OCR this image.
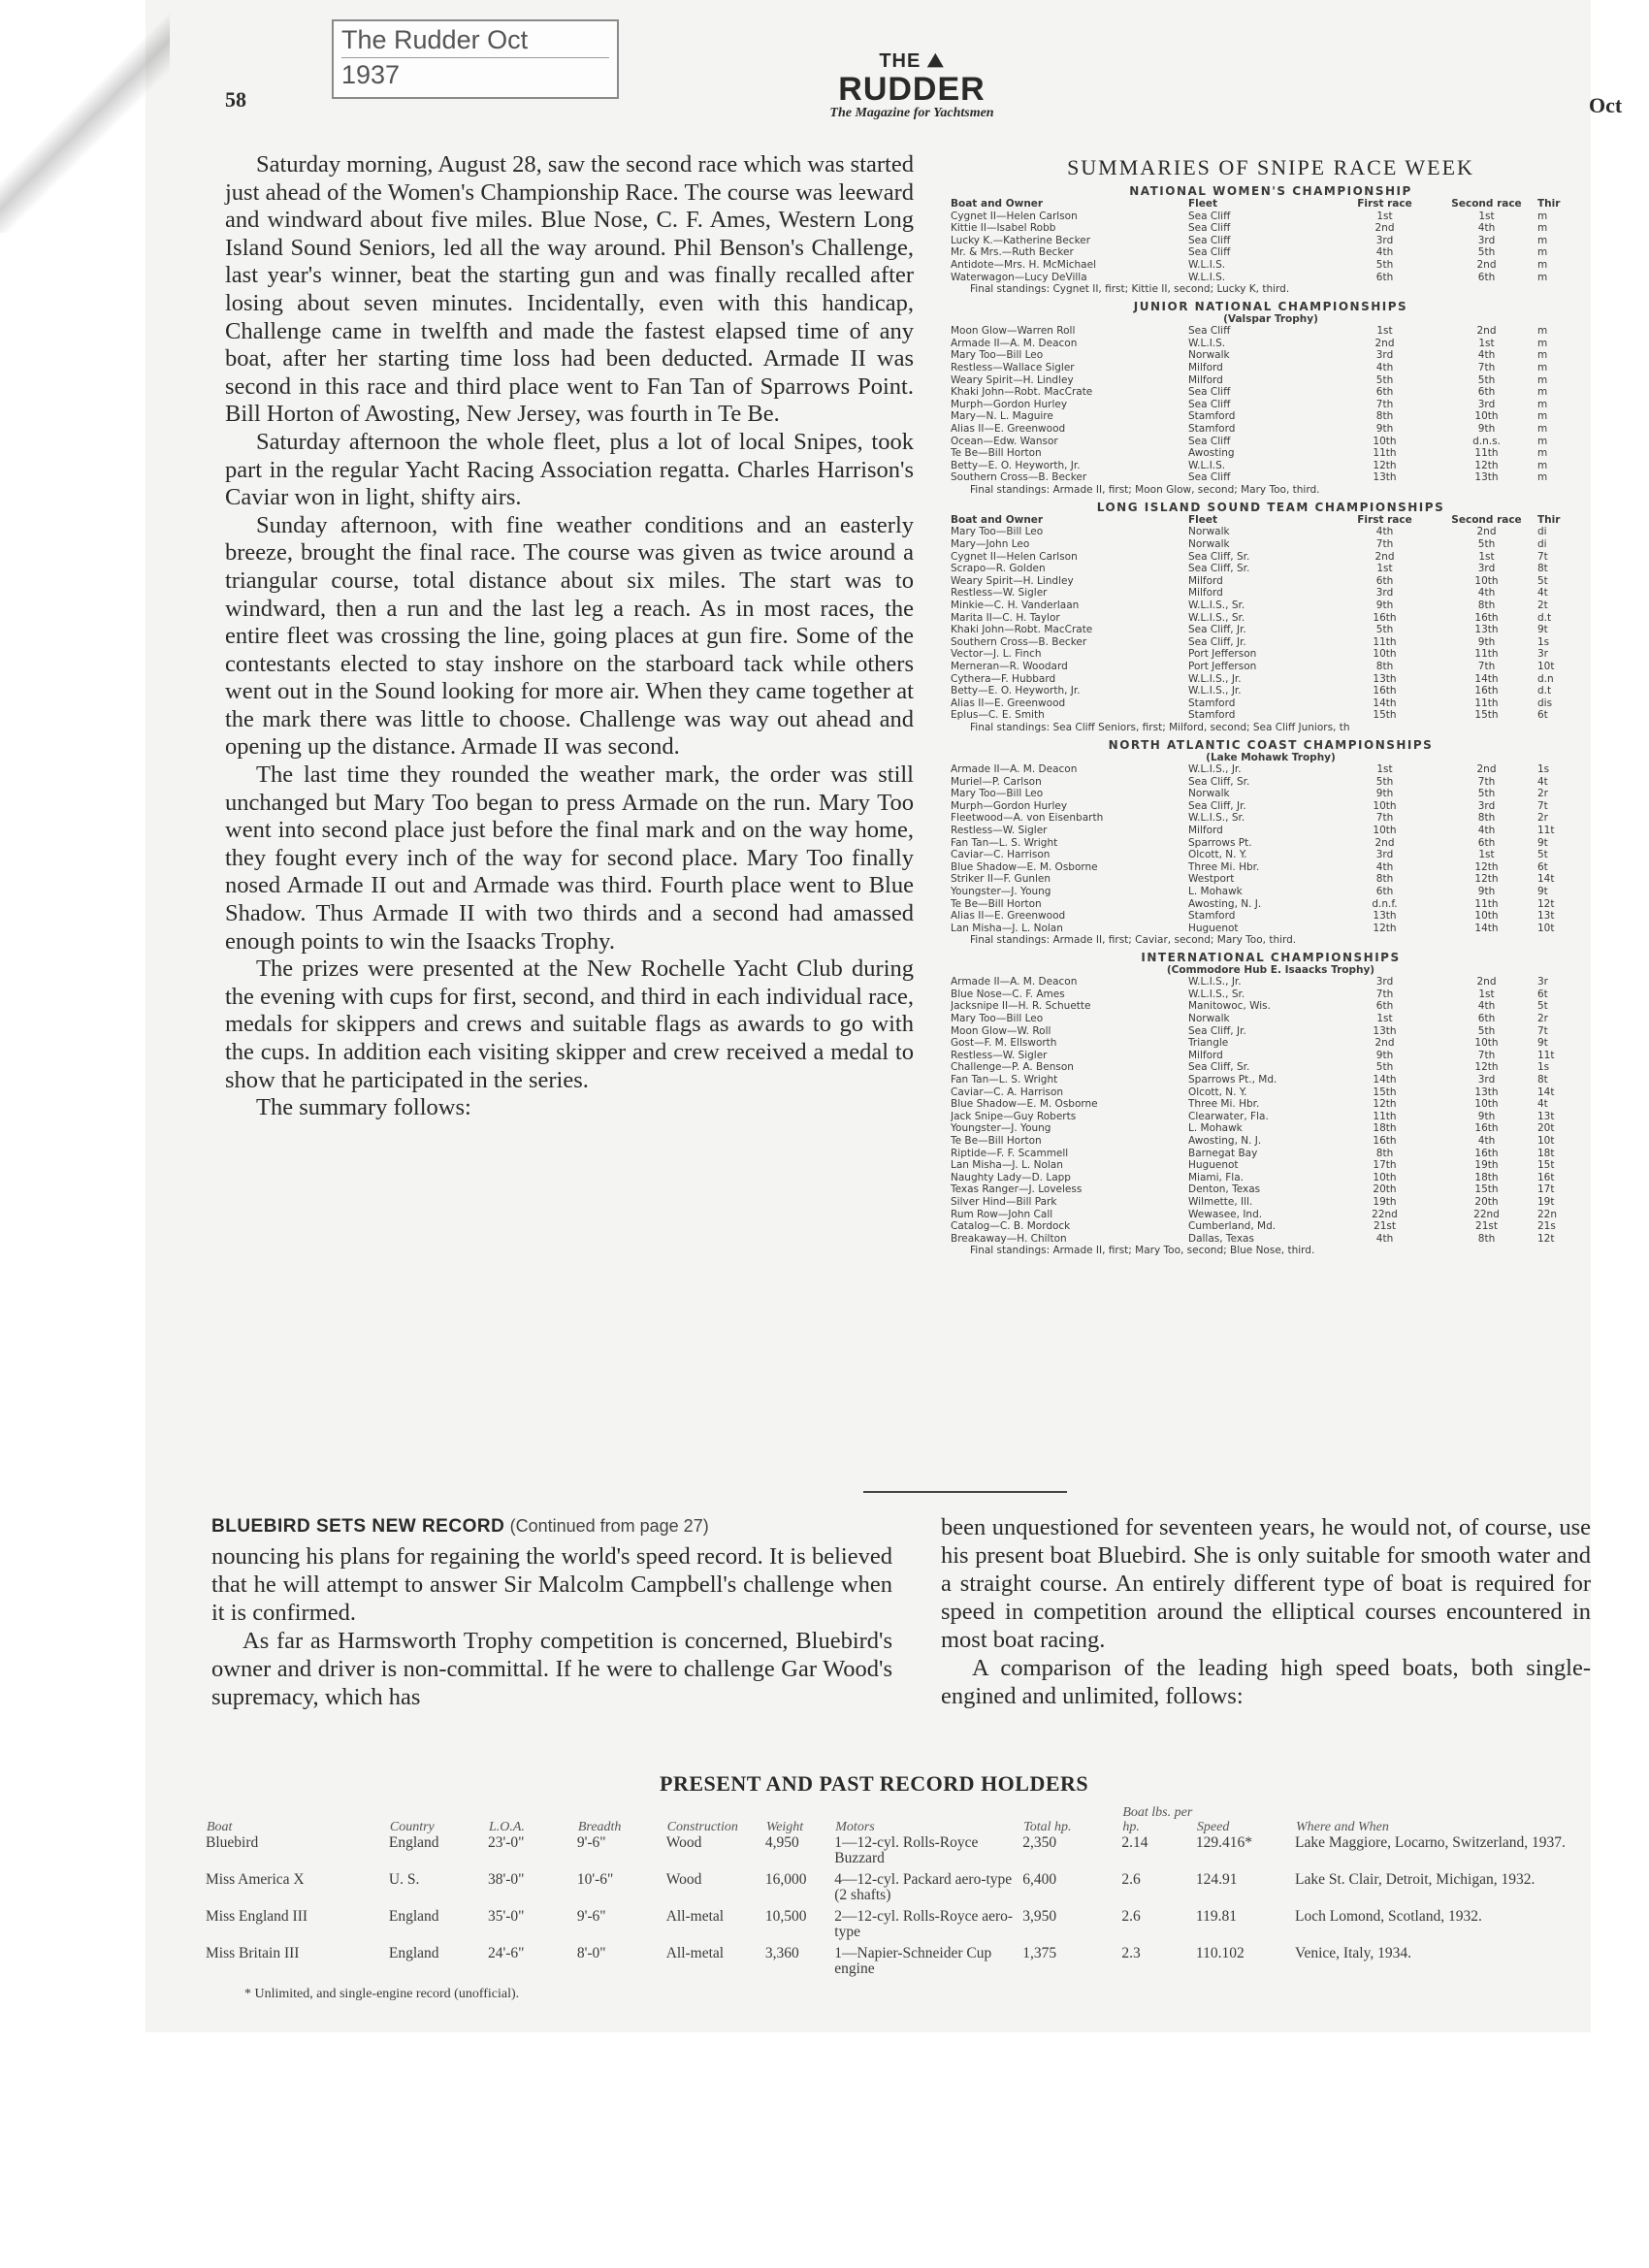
The Rudder Oct
1937
58	Oct
THE ⛰
RUDDER
The Magazine for Yachtsmen

Saturday morning, August 28, saw the second race which was started just ahead of the Women's Championship Race. The course was leeward and windward about five miles. Blue Nose, C. F. Ames, Western Long Island Sound Seniors, led all the way around. Phil Benson's Challenge, last year's winner, beat the starting gun and was finally recalled after losing about seven minutes. Incidentally, even with this handicap, Challenge came in twelfth and made the fastest elapsed time of any boat, after her starting time loss had been deducted. Armade II was second in this race and third place went to Fan Tan of Sparrows Point. Bill Horton of Awosting, New Jersey, was fourth in Te Be.

Saturday afternoon the whole fleet, plus a lot of local Snipes, took part in the regular Yacht Racing Association regatta. Charles Harrison's Caviar won in light, shifty airs.

Sunday afternoon, with fine weather conditions and an easterly breeze, brought the final race. The course was given as twice around a triangular course, total distance about six miles. The start was to windward, then a run and the last leg a reach. As in most races, the entire fleet was crossing the line, going places at gun fire. Some of the contestants elected to stay inshore on the starboard tack while others went out in the Sound looking for more air. When they came together at the mark there was little to choose. Challenge was way out ahead and opening up the distance. Armade II was second.

The last time they rounded the weather mark, the order was still unchanged but Mary Too began to press Armade on the run. Mary Too went into second place just before the final mark and on the way home, they fought every inch of the way for second place. Mary Too finally nosed Armade II out and Armade was third. Fourth place went to Blue Shadow. Thus Armade II with two thirds and a second had amassed enough points to win the Isaacks Trophy.

The prizes were presented at the New Rochelle Yacht Club during the evening with cups for first, second, and third in each individual race, medals for skippers and crews and suitable flags as awards to go with the cups. In addition each visiting skipper and crew received a medal to show that he participated in the series.

The summary follows:

SUMMARIES OF SNIPE RACE WEEK
NATIONAL WOMEN'S CHAMPIONSHIP
Boat and Owner	Fleet	First race	Second race	Thir
Cygnet II—Helen Carlson	Sea Cliff	1st	1st	m
Kittie II—Isabel Robb	Sea Cliff	2nd	4th	m
Lucky K.—Katherine Becker	Sea Cliff	3rd	3rd	m
Mr. & Mrs.—Ruth Becker	Sea Cliff	4th	5th	m
Antidote—Mrs. H. McMichael	W.L.I.S.	5th	2nd	m
Waterwagon—Lucy DeVilla	W.L.I.S.	6th	6th	m
Final standings: Cygnet II, first; Kittie II, second; Lucky K, third.
JUNIOR NATIONAL CHAMPIONSHIPS
(Valspar Trophy)
Moon Glow—Warren Roll	Sea Cliff	1st	2nd	m
Armade II—A. M. Deacon	W.L.I.S.	2nd	1st	m
Mary Too—Bill Leo	Norwalk	3rd	4th	m
Restless—Wallace Sigler	Milford	4th	7th	m
Weary Spirit—H. Lindley	Milford	5th	5th	m
Khaki John—Robt. MacCrate	Sea Cliff	6th	6th	m
Murph—Gordon Hurley	Sea Cliff	7th	3rd	m
Mary—N. L. Maguire	Stamford	8th	10th	m
Alias II—E. Greenwood	Stamford	9th	9th	m
Ocean—Edw. Wansor	Sea Cliff	10th	d.n.s.	m
Te Be—Bill Horton	Awosting	11th	11th	m
Betty—E. O. Heyworth, Jr.	W.L.I.S.	12th	12th	m
Southern Cross—B. Becker	Sea Cliff	13th	13th	m
Final standings: Armade II, first; Moon Glow, second; Mary Too, third.
LONG ISLAND SOUND TEAM CHAMPIONSHIPS
Boat and Owner	Fleet	First race	Second race	Thir
Mary Too—Bill Leo	Norwalk	4th	2nd	di
Mary—John Leo	Norwalk	7th	5th	di
Cygnet II—Helen Carlson	Sea Cliff, Sr.	2nd	1st	7t
Scrapo—R. Golden	Sea Cliff, Sr.	1st	3rd	8t
Weary Spirit—H. Lindley	Milford	6th	10th	5t
Restless—W. Sigler	Milford	3rd	4th	4t
Minkie—C. H. Vanderlaan	W.L.I.S., Sr.	9th	8th	2t
Marita II—C. H. Taylor	W.L.I.S., Sr.	16th	16th	d.t
Khaki John—Robt. MacCrate	Sea Cliff, Jr.	5th	13th	9t
Southern Cross—B. Becker	Sea Cliff, Jr.	11th	9th	1s
Vector—J. L. Finch	Port Jefferson	10th	11th	3r
Merneran—R. Woodard	Port Jefferson	8th	7th	10t
Cythera—F. Hubbard	W.L.I.S., Jr.	13th	14th	d.n
Betty—E. O. Heyworth, Jr.	W.L.I.S., Jr.	16th	16th	d.t
Alias II—E. Greenwood	Stamford	14th	11th	dis
Eplus—C. E. Smith	Stamford	15th	15th	6t
Final standings: Sea Cliff Seniors, first; Milford, second; Sea Cliff Juniors, th
NORTH ATLANTIC COAST CHAMPIONSHIPS
(Lake Mohawk Trophy)
Armade II—A. M. Deacon	W.L.I.S., Jr.	1st	2nd	1s
Muriel—P. Carlson	Sea Cliff, Sr.	5th	7th	4t
Mary Too—Bill Leo	Norwalk	9th	5th	2r
Murph—Gordon Hurley	Sea Cliff, Jr.	10th	3rd	7t
Fleetwood—A. von Eisenbarth	W.L.I.S., Sr.	7th	8th	2r
Restless—W. Sigler	Milford	10th	4th	11t
Fan Tan—L. S. Wright	Sparrows Pt.	2nd	6th	9t
Caviar—C. Harrison	Olcott, N. Y.	3rd	1st	5t
Blue Shadow—E. M. Osborne	Three Mi. Hbr.	4th	12th	6t
Striker II—F. Gunlen	Westport	8th	12th	14t
Youngster—J. Young	L. Mohawk	6th	9th	9t
Te Be—Bill Horton	Awosting, N. J.	d.n.f.	11th	12t
Alias II—E. Greenwood	Stamford	13th	10th	13t
Lan Misha—J. L. Nolan	Huguenot	12th	14th	10t
Final standings: Armade II, first; Caviar, second; Mary Too, third.
INTERNATIONAL CHAMPIONSHIPS
(Commodore Hub E. Isaacks Trophy)
Armade II—A. M. Deacon	W.L.I.S., Jr.	3rd	2nd	3r
Blue Nose—C. F. Ames	W.L.I.S., Sr.	7th	1st	6t
Jacksnipe II—H. R. Schuette	Manitowoc, Wis.	6th	4th	5t
Mary Too—Bill Leo	Norwalk	1st	6th	2r
Moon Glow—W. Roll	Sea Cliff, Jr.	13th	5th	7t
Gost—F. M. Ellsworth	Triangle	2nd	10th	9t
Restless—W. Sigler	Milford	9th	7th	11t
Challenge—P. A. Benson	Sea Cliff, Sr.	5th	12th	1s
Fan Tan—L. S. Wright	Sparrows Pt., Md.	14th	3rd	8t
Caviar—C. A. Harrison	Olcott, N. Y.	15th	13th	14t
Blue Shadow—E. M. Osborne	Three Mi. Hbr.	12th	10th	4t
Jack Snipe—Guy Roberts	Clearwater, Fla.	11th	9th	13t
Youngster—J. Young	L. Mohawk	18th	16th	20t
Te Be—Bill Horton	Awosting, N. J.	16th	4th	10t
Riptide—F. F. Scammell	Barnegat Bay	8th	16th	18t
Lan Misha—J. L. Nolan	Huguenot	17th	19th	15t
Naughty Lady—D. Lapp	Miami, Fla.	10th	18th	16t
Texas Ranger—J. Loveless	Denton, Texas	20th	15th	17t
Silver Hind—Bill Park	Wilmette, Ill.	19th	20th	19t
Rum Row—John Call	Wewasee, Ind.	22nd	22nd	22n
Catalog—C. B. Mordock	Cumberland, Md.	21st	21st	21s
Breakaway—H. Chilton	Dallas, Texas	4th	8th	12t
Final standings: Armade II, first; Mary Too, second; Blue Nose, third.
BLUEBIRD SETS NEW RECORD (Continued from page 27)

nouncing his plans for regaining the world's speed record. It is believed that he will attempt to answer Sir Malcolm Campbell's challenge when it is confirmed.

As far as Harmsworth Trophy competition is concerned, Bluebird's owner and driver is non-committal. If he were to challenge Gar Wood's supremacy, which has

been unquestioned for seventeen years, he would not, of course, use his present boat Bluebird. She is only suitable for smooth water and a straight course. An entirely different type of boat is required for speed in competition around the elliptical courses encountered in most boat racing.

A comparison of the leading high speed boats, both single-engined and unlimited, follows:

PRESENT AND PAST RECORD HOLDERS
Boat	Country	L.O.A.	Breadth	Construction	Weight	Motors	Total hp.	Boat lbs. per hp.	Speed	Where and When
Bluebird	England	23'-0"	9'-6"	Wood	4,950	1—12-cyl. Rolls-Royce Buzzard	2,350	2.14	129.416*	Lake Maggiore, Locarno, Switzerland, 1937.
Miss America X	U. S.	38'-0"	10'-6"	Wood	16,000	4—12-cyl. Packard aero-type (2 shafts)	6,400	2.6	124.91	Lake St. Clair, Detroit, Michigan, 1932.
Miss England III	England	35'-0"	9'-6"	All-metal	10,500	2—12-cyl. Rolls-Royce aero-type	3,950	2.6	119.81	Loch Lomond, Scotland, 1932.
Miss Britain III	England	24'-6"	8'-0"	All-metal	3,360	1—Napier-Schneider Cup engine	1,375	2.3	110.102	Venice, Italy, 1934.
* Unlimited, and single-engine record (unofficial).
